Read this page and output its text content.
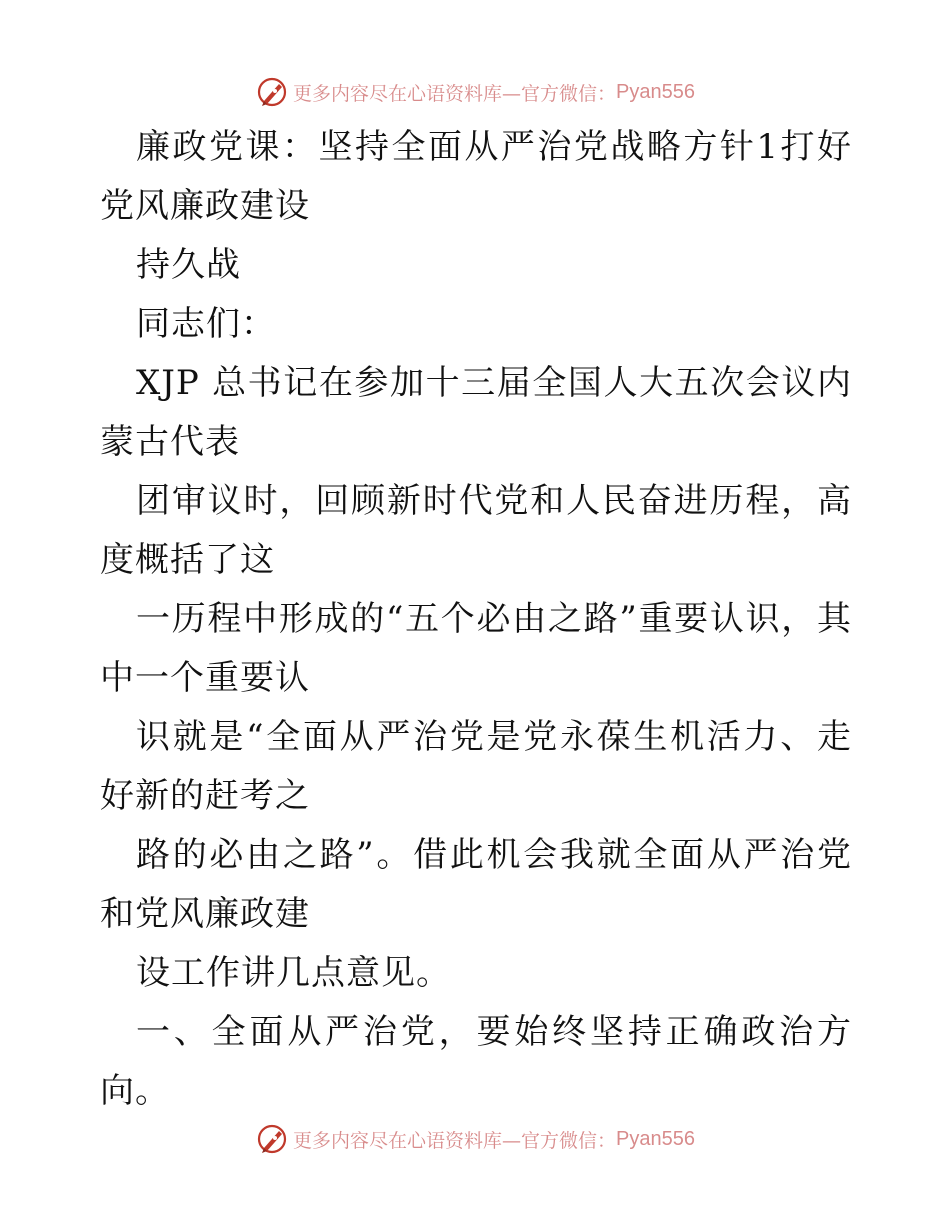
更多内容尽在心语资料库—官方微信： Pyan556

廉政党课：坚持全面从严治党战略方针1打好党风廉政建设

持久战

同志们：

XJP 总书记在参加十三届全国人大五次会议内蒙古代表

团审议时，回顾新时代党和人民奋进历程，高度概括了这

一历程中形成的“五个必由之路”重要认识，其中一个重要认

识就是“全面从严治党是党永葆生机活力、走好新的赶考之

路的必由之路”。借此机会我就全面从严治党和党风廉政建

设工作讲几点意见。

一、全面从严治党，要始终坚持正确政治方向。

更多内容尽在心语资料库—官方微信： Pyan556
